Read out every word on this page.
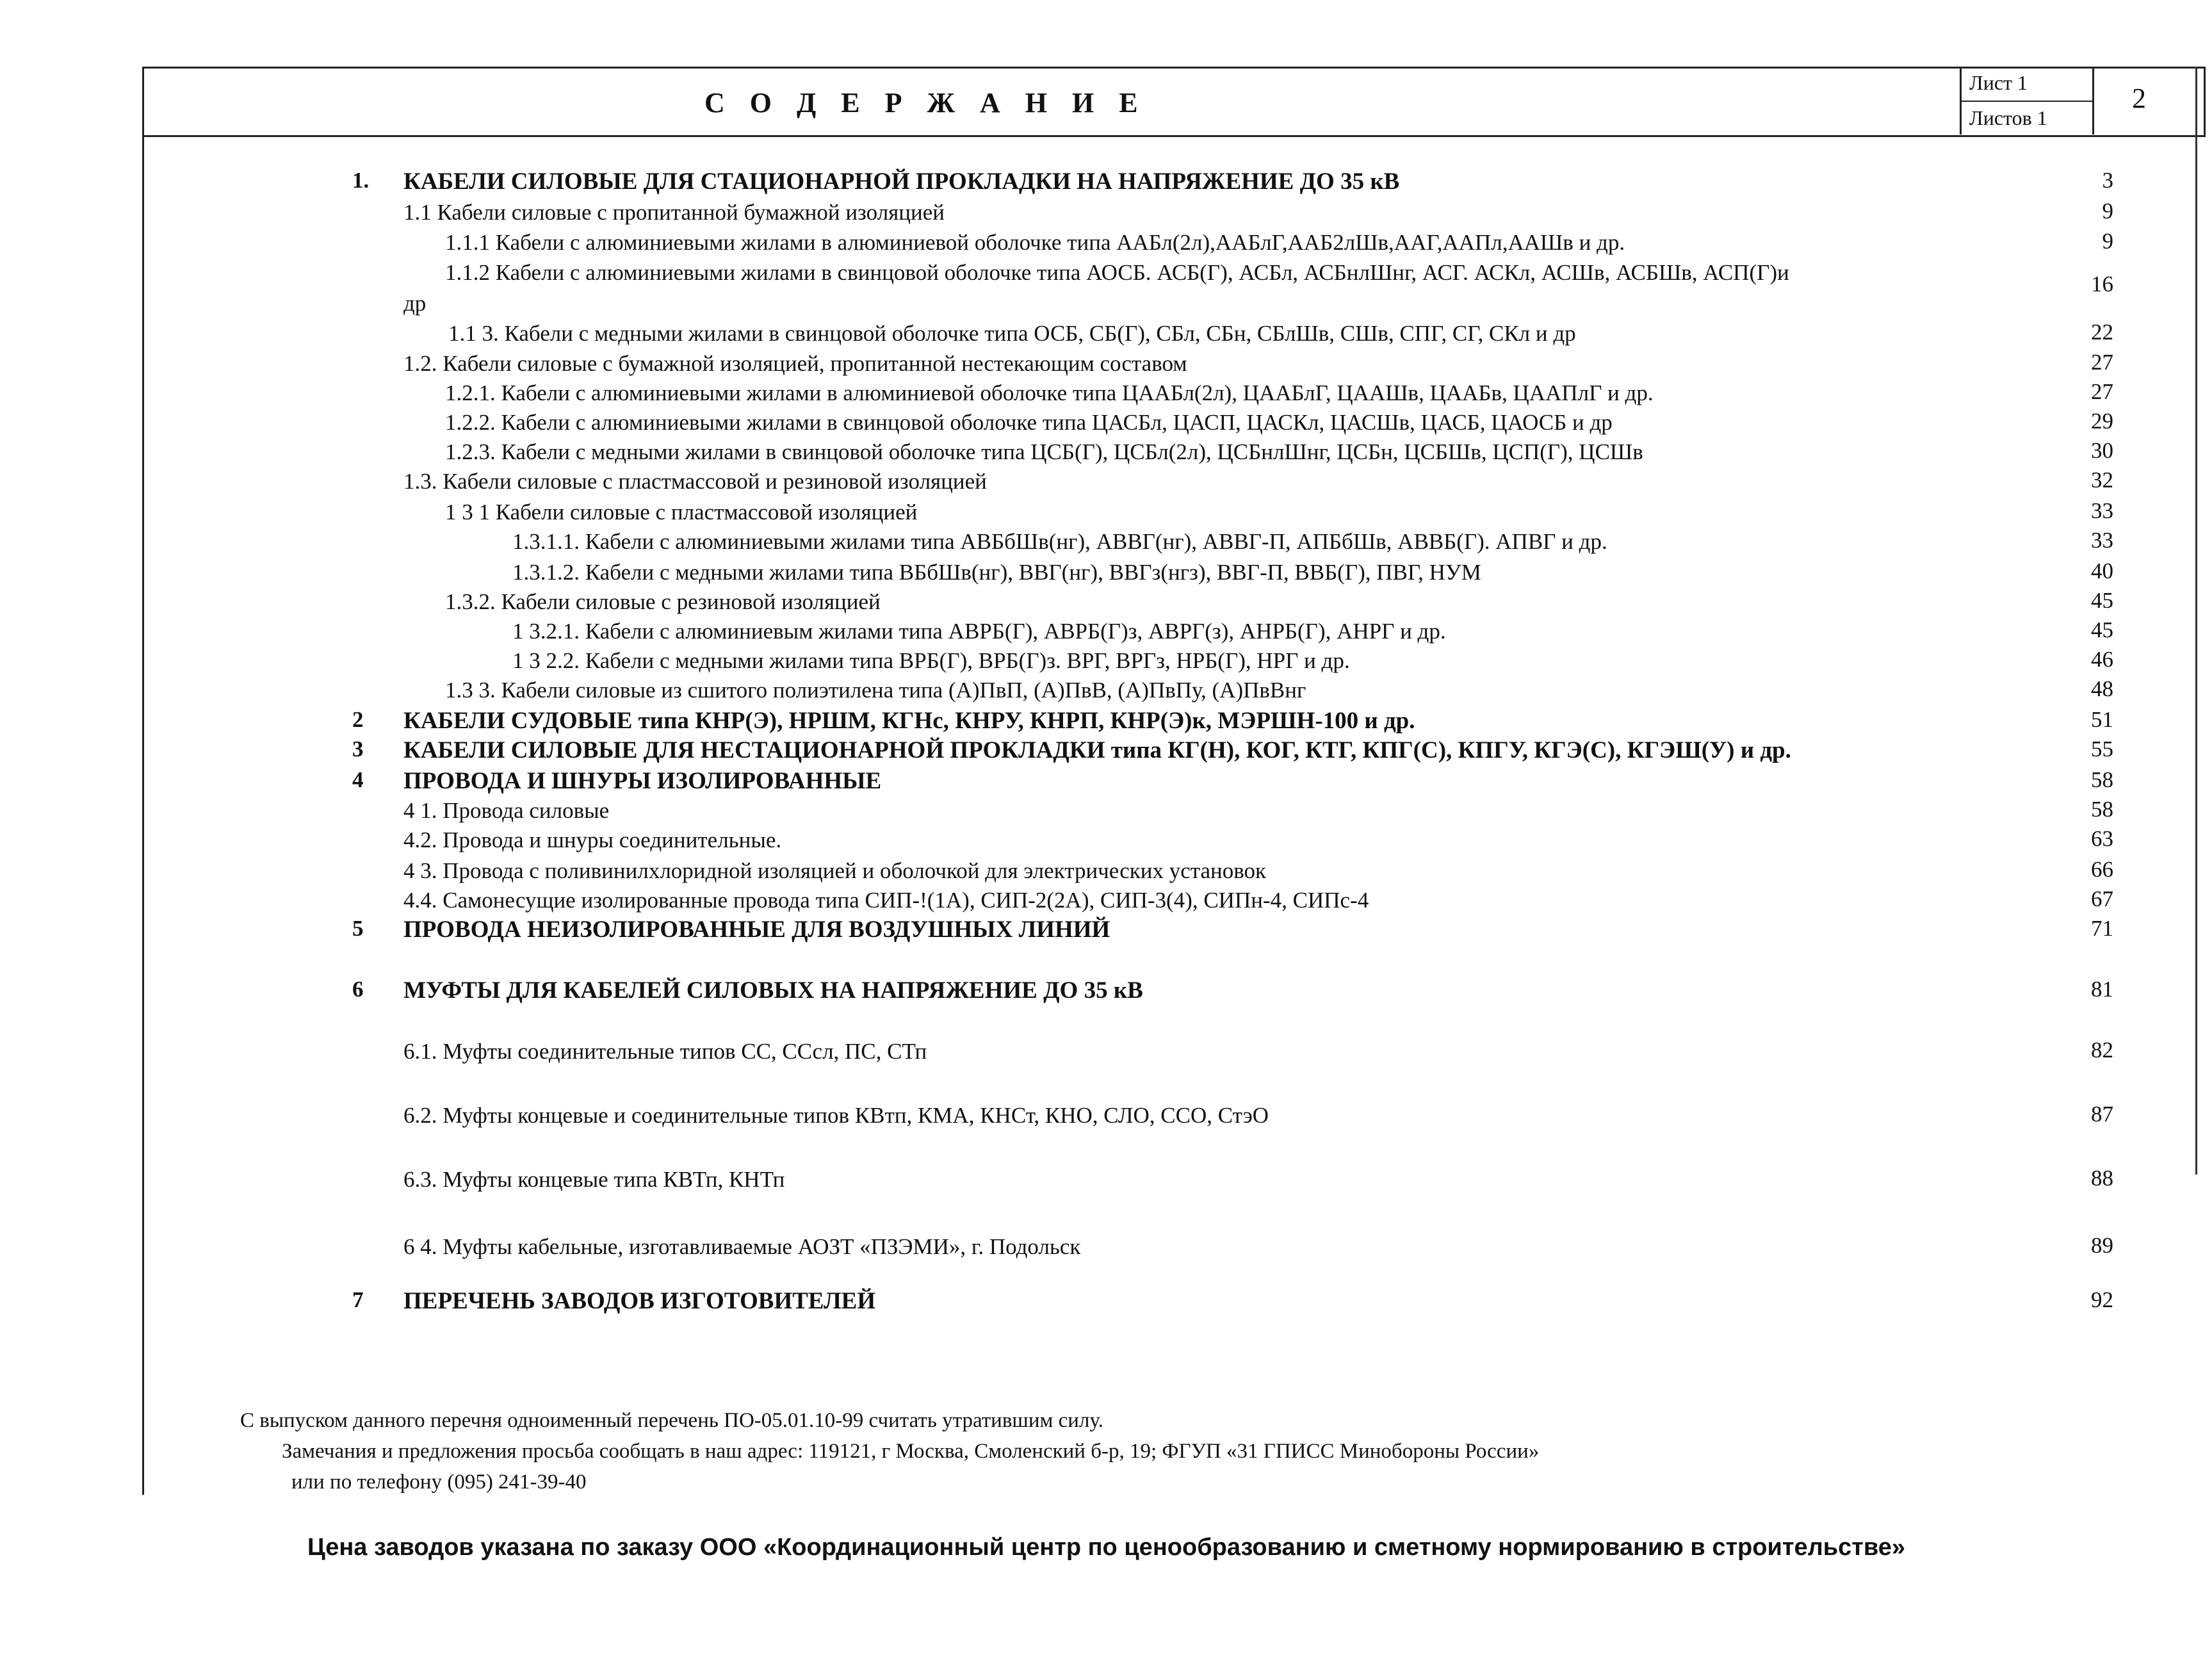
С О Д Е Р Ж А Н И Е
Лист 1
Листов 1
2
1. КАБЕЛИ СИЛОВЫЕ ДЛЯ СТАЦИОНАРНОЙ ПРОКЛАДКИ НА НАПРЯЖЕНИЕ ДО 35 кВ	3
1.1 Кабели силовые с пропитанной бумажной изоляцией	9
1.1.1 Кабели с алюминиевыми жилами в алюминиевой оболочке типа ААБл(2л),ААБлГ,ААБ2лШв,ААГ,ААПл,ААШв и др.	9
1.1.2 Кабели с алюминиевыми жилами в свинцовой оболочке типа АОСБ. АСБ(Г), АСБл, АСБнлШнг, АСГ. АСКл, АСШв, АСБШв, АСП(Г)и	16
др
1.1 3. Кабели с медными жилами в свинцовой оболочке типа ОСБ, СБ(Г), СБл, СБн, СБлШв, СШв, СПГ, СГ, СКл и др	22
1.2. Кабели силовые с бумажной изоляцией, пропитанной нестекающим составом	27
1.2.1. Кабели с алюминиевыми жилами в алюминиевой оболочке типа ЦААБл(2л), ЦААБлГ, ЦААШв, ЦААБв, ЦААПлГ и др.	27
1.2.2. Кабели с алюминиевыми жилами в свинцовой оболочке типа ЦАСБл, ЦАСП, ЦАСКл, ЦАСШв, ЦАСБ, ЦАОСБ и др	29
1.2.3. Кабели с медными жилами в свинцовой оболочке типа ЦСБ(Г), ЦСБл(2л), ЦСБнлШнг, ЦСБн, ЦСБШв, ЦСП(Г), ЦСШв	30
1.3. Кабели силовые с пластмассовой и резиновой изоляцией	32
1 3 1 Кабели силовые с пластмассовой изоляцией	33
1.3.1.1. Кабели с алюминиевыми жилами типа АВБбШв(нг), АВВГ(нг), АВВГ-П, АПБбШв, АВВБ(Г). АПВГ и др.	33
1.3.1.2. Кабели с медными жилами типа ВБбШв(нг), ВВГ(нг), ВВГз(нгз), ВВГ-П, ВВБ(Г), ПВГ, НУМ	40
1.3.2. Кабели силовые с резиновой изоляцией	45
1 3.2.1. Кабели с алюминиевым жилами типа АВРБ(Г), АВРБ(Г)з, АВРГ(з), АНРБ(Г), АНРГ и др.	45
1 3 2.2. Кабели с медными жилами типа ВРБ(Г), ВРБ(Г)з. ВРГ, ВРГз, НРБ(Г), НРГ и др.	46
1.3 3. Кабели силовые из сшитого полиэтилена типа (А)ПвП, (А)ПвВ, (А)ПвПу, (А)ПвВнг	48
2 КАБЕЛИ СУДОВЫЕ типа КНР(Э), НРШМ, КГНс, КНРУ, КНРП, КНР(Э)к, МЭРШН-100 и др.	51
3 КАБЕЛИ СИЛОВЫЕ ДЛЯ НЕСТАЦИОНАРНОЙ ПРОКЛАДКИ типа КГ(Н), КОГ, КТГ, КПГ(С), КПГУ, КГЭ(С), КГЭШ(У) и др.	55
4 ПРОВОДА И ШНУРЫ ИЗОЛИРОВАННЫЕ	58
4 1. Провода силовые	58
4.2. Провода и шнуры соединительные.	63
4 3. Провода с поливинилхлоридной изоляцией и оболочкой для электрических установок	66
4.4. Самонесущие изолированные провода типа СИП-!(1А), СИП-2(2А), СИП-3(4), СИПн-4, СИПс-4	67
5 ПРОВОДА НЕИЗОЛИРОВАННЫЕ ДЛЯ ВОЗДУШНЫХ ЛИНИЙ	71
6 МУФТЫ ДЛЯ КАБЕЛЕЙ СИЛОВЫХ НА НАПРЯЖЕНИЕ ДО 35 кВ	81
6.1. Муфты соединительные типов СС, ССсл, ПС, СТп	82
6.2. Муфты концевые и соединительные типов КВтп, КМА, КНСт, КНО, СЛО, ССО, СтэО	87
6.3. Муфты концевые типа КВТп, КНТп	88
6 4. Муфты кабельные, изготавливаемые АОЗТ «ПЗЭМИ», г. Подольск	89
7 ПЕРЕЧЕНЬ ЗАВОДОВ ИЗГОТОВИТЕЛЕЙ	92
С выпуском данного перечня одноименный перечень ПО-05.01.10-99 считать утратившим силу.
Замечания и предложения просьба сообщать в наш адрес: 119121, г Москва, Смоленский б-р, 19; ФГУП «31 ГПИСС Минобороны России»
или по телефону (095) 241-39-40
Цена заводов указана по заказу ООО «Координационный центр по ценообразованию и сметному нормированию в строительстве»
